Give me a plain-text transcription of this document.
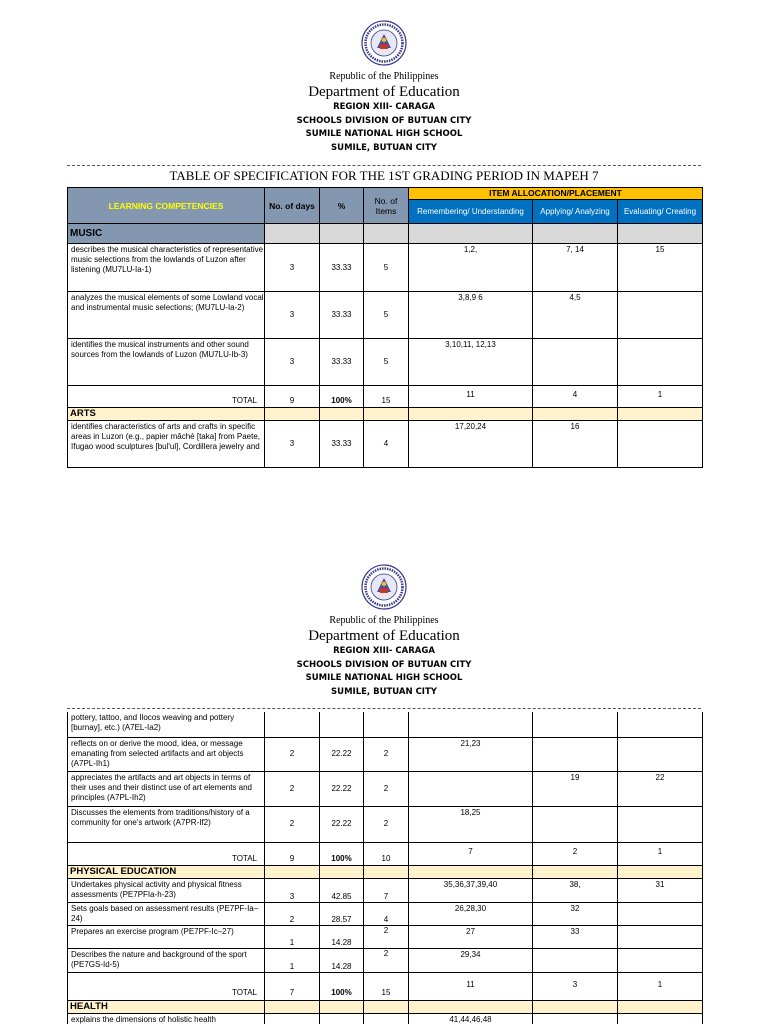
Republic of the Philippines
Department of Education
REGION XIII- CARAGA
SCHOOLS DIVISION OF BUTUAN CITY
SUMILE NATIONAL HIGH SCHOOL
SUMILE, BUTUAN CITY
TABLE OF SPECIFICATION FOR THE 1ST GRADING PERIOD IN MAPEH 7
LEARNING COMPETENCIES	No. of days	%	No. of Items	ITEM ALLOCATION/PLACEMENT		
				Remembering/ Understanding	Applying/ Analyzing	Evaluating/ Creating
MUSIC						
describes the musical characteristics of representative music selections from the lowlands of Luzon after listening (MU7LU-Ia-1)	3	33.33	5	1,2,	7, 14	15
analyzes the musical elements of some Lowland vocal and instrumental music selections; (MU7LU-Ia-2)	3	33.33	5	3,8,9 6	4,5	
identifies the musical instruments and other sound sources from the lowlands of Luzon (MU7LU-Ib-3)	3	33.33	5	3,10,11, 12,13		
TOTAL	9	100%	15	11	4	1
ARTS						
identifies characteristics of arts and crafts in specific areas in Luzon (e.g., papier mâché [taka] from Paete, Ifugao wood sculptures [bul'ul], Cordillera jewelry and	3	33.33	4	17,20,24	16	
Republic of the Philippines
Department of Education
REGION XIII- CARAGA
SCHOOLS DIVISION OF BUTUAN CITY
SUMILE NATIONAL HIGH SCHOOL
SUMILE, BUTUAN CITY
pottery, tattoo, and Ilocos weaving and pottery [burnay], etc.) (A7EL-Ia2)						
reflects on or derive the mood, idea, or message emanating from selected artifacts and art objects (A7PL-Ih1)	2	22.22	2	21,23		
appreciates the artifacts and art objects in terms of their uses and their distinct use of art elements and principles (A7PL-Ih2)	2	22.22	2		19	22
Discusses the elements from traditions/history of a community for one's artwork (A7PR-If2)	2	22.22	2	18,25		
TOTAL	9	100%	10	7	2	1
PHYSICAL EDUCATION						
Undertakes physical activity and physical fitness assessments (PE7PFIa-h-23)	3	42.85	7	35,36,37,39,40	38,	31
Sets goals based on assessment results (PE7PF-Ia–24)	2	28.57	4	26,28,30	32	
Prepares an exercise program (PE7PF-Ic–27)	1	14.28	2	27	33	
Describes the nature and background of the sport (PE7GS-Id-5)	1	14.28	2	29,34		
TOTAL	7	100%	15	11	3	1
HEALTH						
explains the dimensions of holistic health				41,44,46,48		
